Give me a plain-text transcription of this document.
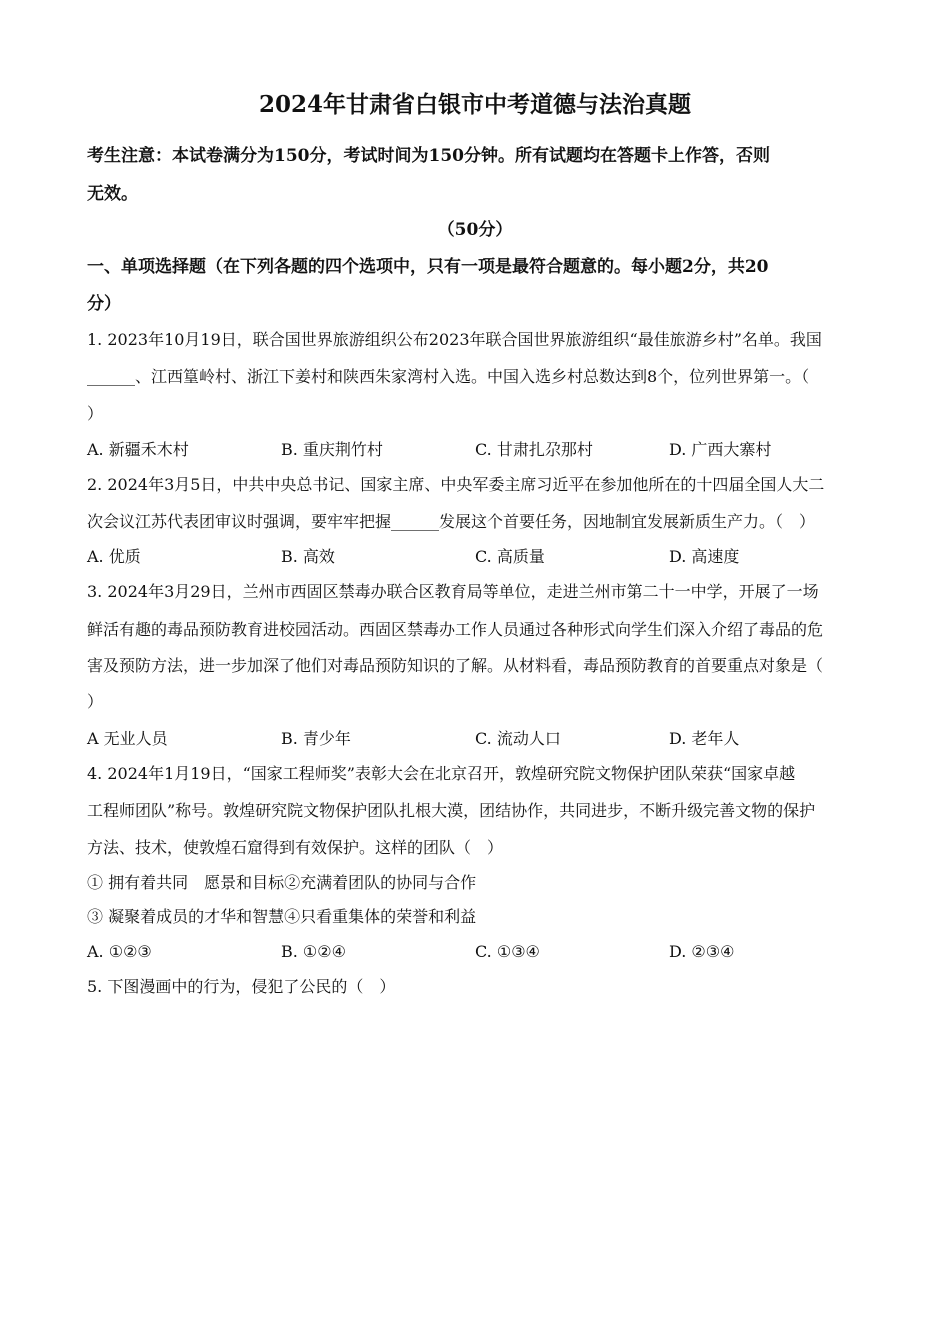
2024年甘肃省白银市中考道德与法治真题
考生注意：本试卷满分为150分，考试时间为150分钟。所有试题均在答题卡上作答，否则
无效。
（50分）
一、单项选择题（在下列各题的四个选项中，只有一项是最符合题意的。每小题2分，共20
分）
1. 2023年10月19日，联合国世界旅游组织公布2023年联合国世界旅游组织“最佳旅游乡村”名单。我国
______、江西篁岭村、浙江下姜村和陕西朱家湾村入选。中国入选乡村总数达到8个，位列世界第一。（
）
A. 新疆禾木村	B. 重庆荆竹村	C. 甘肃扎尕那村	D. 广西大寨村
2. 2024年3月5日，中共中央总书记、国家主席、中央军委主席习近平在参加他所在的十四届全国人大二
次会议江苏代表团审议时强调，要牢牢把握______发展这个首要任务，因地制宜发展新质生产力。（　）
A. 优质	B. 高效	C. 高质量	D. 高速度
3. 2024年3月29日，兰州市西固区禁毒办联合区教育局等单位，走进兰州市第二十一中学，开展了一场
鲜活有趣的毒品预防教育进校园活动。西固区禁毒办工作人员通过各种形式向学生们深入介绍了毒品的危
害及预防方法，进一步加深了他们对毒品预防知识的了解。从材料看，毒品预防教育的首要重点对象是（
）
A 无业人员	B. 青少年	C. 流动人口	D. 老年人
4. 2024年1月19日，“国家工程师奖”表彰大会在北京召开，敦煌研究院文物保护团队荣获“国家卓越
工程师团队”称号。敦煌研究院文物保护团队扎根大漠，团结协作，共同进步，不断升级完善文物的保护
方法、技术，使敦煌石窟得到有效保护。这样的团队（　）
① 拥有着共同　愿景和目标②充满着团队的协同与合作
③ 凝聚着成员的才华和智慧④只看重集体的荣誉和利益
A. ①②③	B. ①②④	C. ①③④	D. ②③④
5. 下图漫画中的行为，侵犯了公民的（　）
